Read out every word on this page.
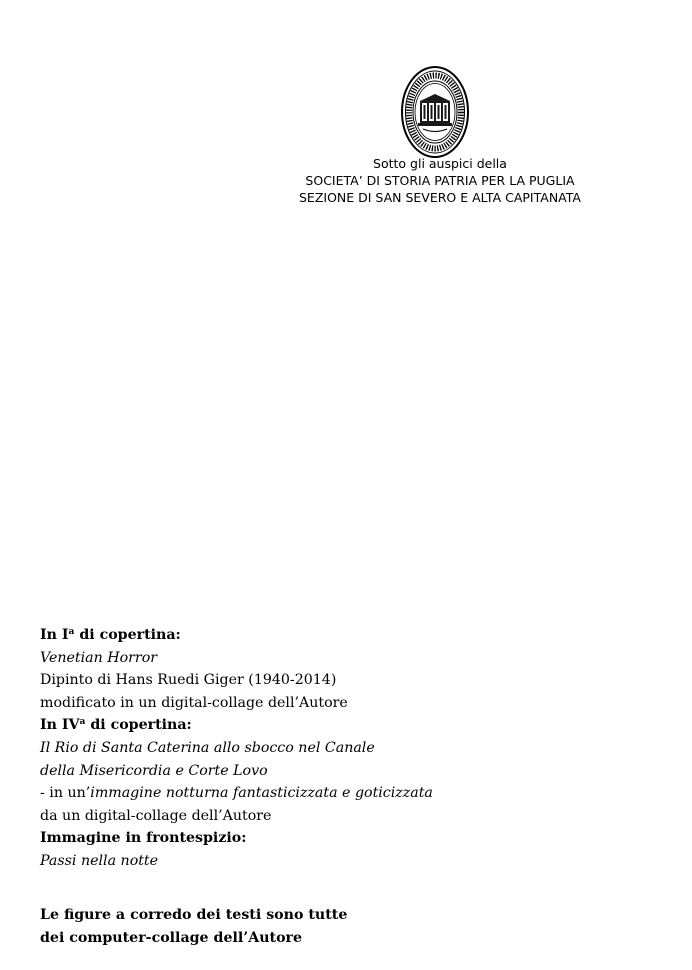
Sotto gli auspici della
SOCIETA’ DI STORIA PATRIA PER LA PUGLIA
SEZIONE DI SAN SEVERO E ALTA CAPITANATA
In $I^a$ di copertina:
Venetian Horror
Dipinto di Hans Ruedi Giger (1940-2014)
modificato in un digital-collage dell’Autore
In $IV^a$ di copertina:
Il Rio di Santa Caterina allo sbocco nel Canale
della Misericordia e Corte Lovo
- in un’immagine notturna fantasticizzata e goticizzata
da un digital-collage dell’Autore
Immagine in frontespizio:
Passi nella notte
Le figure a corredo dei testi sono tutte
dei computer-collage dell’Autore
